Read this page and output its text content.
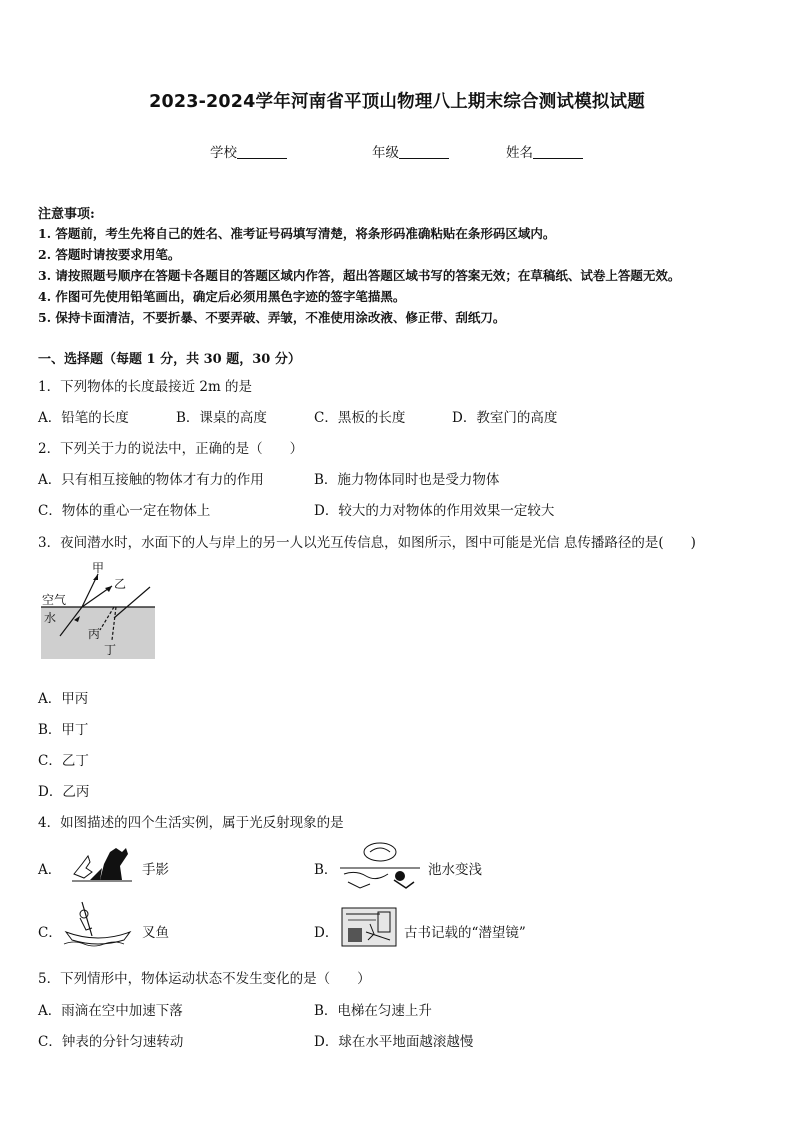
2023-2024学年河南省平顶山物理八上期末综合测试模拟试题
学校	年级	姓名
注意事项:
1. 答题前，考生先将自己的姓名、准考证号码填写清楚，将条形码准确粘贴在条形码区域内。
2. 答题时请按要求用笔。
3. 请按照题号顺序在答题卡各题目的答题区域内作答，超出答题区域书写的答案无效；在草稿纸、试卷上答题无效。
4. 作图可先使用铅笔画出，确定后必须用黑色字迹的签字笔描黑。
5. 保持卡面清洁，不要折暴、不要弄破、弄皱，不准使用涂改液、修正带、刮纸刀。
一、选择题（每题 1 分，共 30 题，30 分）
1．下列物体的长度最接近 2m 的是
A．铅笔的长度	B．课桌的高度	C．黑板的长度	D．教室门的高度
2．下列关于力的说法中，正确的是（　　）
A．只有相互接触的物体才有力的作用	B．施力物体同时也是受力物体
C．物体的重心一定在物体上	D．较大的力对物体的作用效果一定较大
3．夜间潜水时，水面下的人与岸上的另一人以光互传信息，如图所示，图中可能是光信 息传播路径的是(　　)
甲
乙
空气
水
丙
丁
A．甲丙
B．甲丁
C．乙丁
D．乙丙
4．如图描述的四个生活实例，属于光反射现象的是
A．	手影	B．	池水变浅
C．	叉鱼	D．	古书记载的“潜望镜”
5．下列情形中，物体运动状态不发生变化的是（　　）
A．雨滴在空中加速下落	B．电梯在匀速上升
C．钟表的分针匀速转动	D．球在水平地面越滚越慢
